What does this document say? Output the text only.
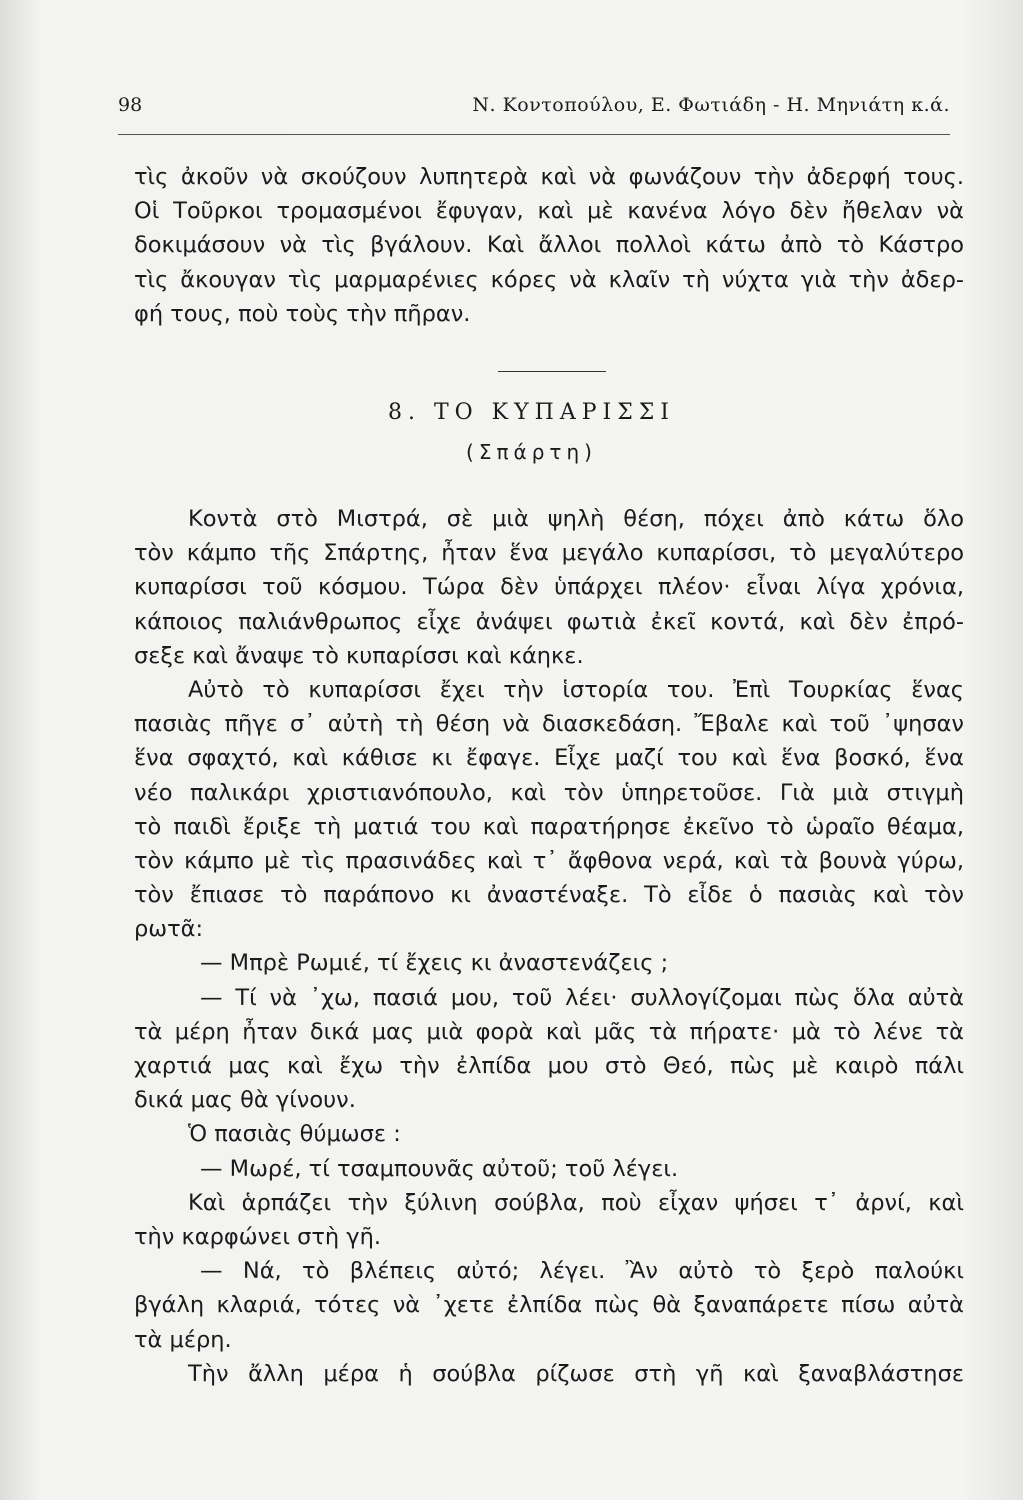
98	Ν. Κοντοπούλου, Ε. Φωτιάδη - Η. Μηνιάτη κ.ά.
τὶς ἀκοῦν νὰ σκούζουν λυπητερὰ καὶ νὰ φωνάζουν τὴν ἀδερφή τους.
Οἱ Τοῦρκοι τρομασμένοι ἔφυγαν, καὶ μὲ κανένα λόγο δὲν ἤθελαν νὰ
δοκιμάσουν νὰ τὶς βγάλουν. Καὶ ἄλλοι πολλοὶ κάτω ἀπὸ τὸ Κάστρο
τὶς ἄκουγαν τὶς μαρμαρένιες κόρες νὰ κλαῖν τὴ νύχτα γιὰ τὴν ἀδερ-
φή τους, ποὺ τοὺς τὴν πῆραν.
8. ΤΟ ΚΥΠΑΡΙΣΣΙ
(Σπάρτη)
Κοντὰ στὸ Μιστρά, σὲ μιὰ ψηλὴ θέση, πόχει ἀπὸ κάτω ὅλο
τὸν κάμπο τῆς Σπάρτης, ἦταν ἕνα μεγάλο κυπαρίσσι, τὸ μεγαλύτερο
κυπαρίσσι τοῦ κόσμου. Τώρα δὲν ὑπάρχει πλέον· εἶναι λίγα χρόνια,
κάποιος παλιάνθρωπος εἶχε ἀνάψει φωτιὰ ἐκεῖ κοντά, καὶ δὲν ἐπρό-
σεξε καὶ ἄναψε τὸ κυπαρίσσι καὶ κάηκε.
Αὐτὸ τὸ κυπαρίσσι ἔχει τὴν ἱστορία του. Ἐπὶ Τουρκίας ἕνας
πασιὰς πῆγε σ᾽ αὐτὴ τὴ θέση νὰ διασκεδάση. Ἔβαλε καὶ τοῦ ᾽ψησαν
ἕνα σφαχτό, καὶ κάθισε κι ἔφαγε. Εἶχε μαζί του καὶ ἕνα βοσκό, ἕνα
νέο παλικάρι χριστιανόπουλο, καὶ τὸν ὑπηρετοῦσε. Γιὰ μιὰ στιγμὴ
τὸ παιδὶ ἔριξε τὴ ματιά του καὶ παρατήρησε ἐκεῖνο τὸ ὡραῖο θέαμα,
τὸν κάμπο μὲ τὶς πρασινάδες καὶ τ᾽ ἄφθονα νερά, καὶ τὰ βουνὰ γύρω,
τὸν ἔπιασε τὸ παράπονο κι ἀναστέναξε. Τὸ εἶδε ὁ πασιὰς καὶ τὸν
ρωτᾶ:
— Μπρὲ Ρωμιέ, τί ἔχεις κι ἀναστενάζεις ;
— Τί νὰ ᾽χω, πασιά μου, τοῦ λέει· συλλογίζομαι πὼς ὅλα αὐτὰ
τὰ μέρη ἦταν δικά μας μιὰ φορὰ καὶ μᾶς τὰ πήρατε· μὰ τὸ λένε τὰ
χαρτιά μας καὶ ἔχω τὴν ἐλπίδα μου στὸ Θεό, πὼς μὲ καιρὸ πάλι
δικά μας θὰ γίνουν.
Ὁ πασιὰς θύμωσε :
— Μωρέ, τί τσαμπουνᾶς αὐτοῦ; τοῦ λέγει.
Καὶ ἁρπάζει τὴν ξύλινη σούβλα, ποὺ εἶχαν ψήσει τ᾽ ἀρνί, καὶ
τὴν καρφώνει στὴ γῆ.
— Νά, τὸ βλέπεις αὐτό; λέγει. Ἂν αὐτὸ τὸ ξερὸ παλούκι
βγάλη κλαριά, τότες νὰ ᾽χετε ἐλπίδα πὼς θὰ ξαναπάρετε πίσω αὐτὰ
τὰ μέρη.
Τὴν ἄλλη μέρα ἡ σούβλα ρίζωσε στὴ γῆ καὶ ξαναβλάστησε
